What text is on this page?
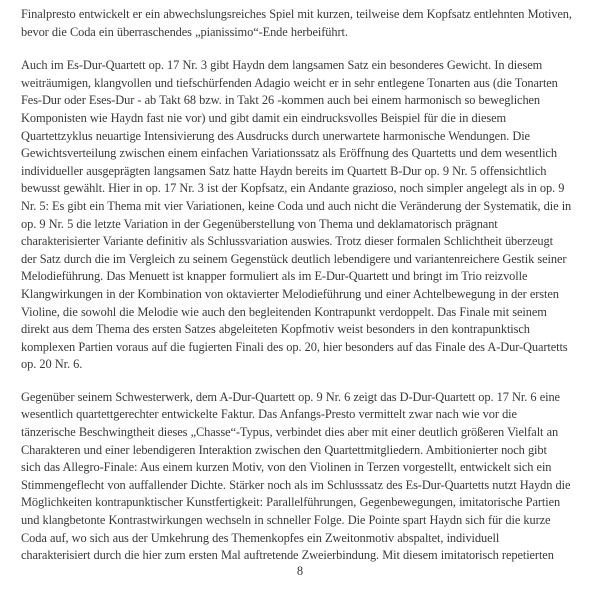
Finalpresto entwickelt er ein abwechslungsreiches Spiel mit kurzen, teilweise dem Kopfsatz entlehnten Motiven,
bevor die Coda ein überraschendes „pianissimo“-Ende herbeiführt.

Auch im Es-Dur-Quartett op. 17 Nr. 3 gibt Haydn dem langsamen Satz ein besonderes Gewicht. In diesem
weiträumigen, klangvollen und tiefschürfenden Adagio weicht er in sehr entlegene Tonarten aus (die Tonarten
Fes-Dur oder Eses-Dur - ab Takt 68 bzw. in Takt 26 -kommen auch bei einem harmonisch so beweglichen
Komponisten wie Haydn fast nie vor) und gibt damit ein eindrucksvolles Beispiel für die in diesem
Quartettzyklus neuartige Intensivierung des Ausdrucks durch unerwartete harmonische Wendungen. Die
Gewichtsverteilung zwischen einem einfachen Variationssatz als Eröffnung des Quartetts und dem wesentlich
individueller ausgeprägten langsamen Satz hatte Haydn bereits im Quartett B-Dur op. 9 Nr. 5 offensichtlich
bewusst gewählt. Hier in op. 17 Nr. 3 ist der Kopfsatz, ein Andante grazioso, noch simpler angelegt als in op. 9
Nr. 5: Es gibt ein Thema mit vier Variationen, keine Coda und auch nicht die Veränderung der Systematik, die in
op. 9 Nr. 5 die letzte Variation in der Gegenüberstellung von Thema und deklamatorisch prägnant
charakterisierter Variante definitiv als Schlussvariation auswies. Trotz dieser formalen Schlichtheit überzeugt
der Satz durch die im Vergleich zu seinem Gegenstück deutlich lebendigere und variantenreichere Gestik seiner
Melodieführung. Das Menuett ist knapper formuliert als im E-Dur-Quartett und bringt im Trio reizvolle
Klangwirkungen in der Kombination von oktavierter Melodieführung und einer Achtelbewegung in der ersten
Violine, die sowohl die Melodie wie auch den begleitenden Kontrapunkt verdoppelt. Das Finale mit seinem
direkt aus dem Thema des ersten Satzes abgeleiteten Kopfmotiv weist besonders in den kontrapunktisch
komplexen Partien voraus auf die fugierten Finali des op. 20, hier besonders auf das Finale des A-Dur-Quartetts
op. 20 Nr. 6.

Gegenüber seinem Schwesterwerk, dem A-Dur-Quartett op. 9 Nr. 6 zeigt das D-Dur-Quartett op. 17 Nr. 6 eine
wesentlich quartettgerechter entwickelte Faktur. Das Anfangs-Presto vermittelt zwar nach wie vor die
tänzerische Beschwingtheit dieses „Chasse“-Typus, verbindet dies aber mit einer deutlich größeren Vielfalt an
Charakteren und einer lebendigeren Interaktion zwischen den Quartettmitgliedern. Ambitionierter noch gibt
sich das Allegro-Finale: Aus einem kurzen Motiv, von den Violinen in Terzen vorgestellt, entwickelt sich ein
Stimmengeflecht von auffallender Dichte. Stärker noch als im Schlusssatz des Es-Dur-Quartetts nutzt Haydn die
Möglichkeiten kontrapunktischer Kunstfertigkeit: Parallelführungen, Gegenbewegungen, imitatorische Partien
und klangbetonte Kontrastwirkungen wechseln in schneller Folge. Die Pointe spart Haydn sich für die kurze
Coda auf, wo sich aus der Umkehrung des Themenkopfes ein Zweitonmotiv abspaltet, individuell
charakterisiert durch die hier zum ersten Mal auftretende Zweierbindung. Mit diesem imitatorisch repetierten

8
